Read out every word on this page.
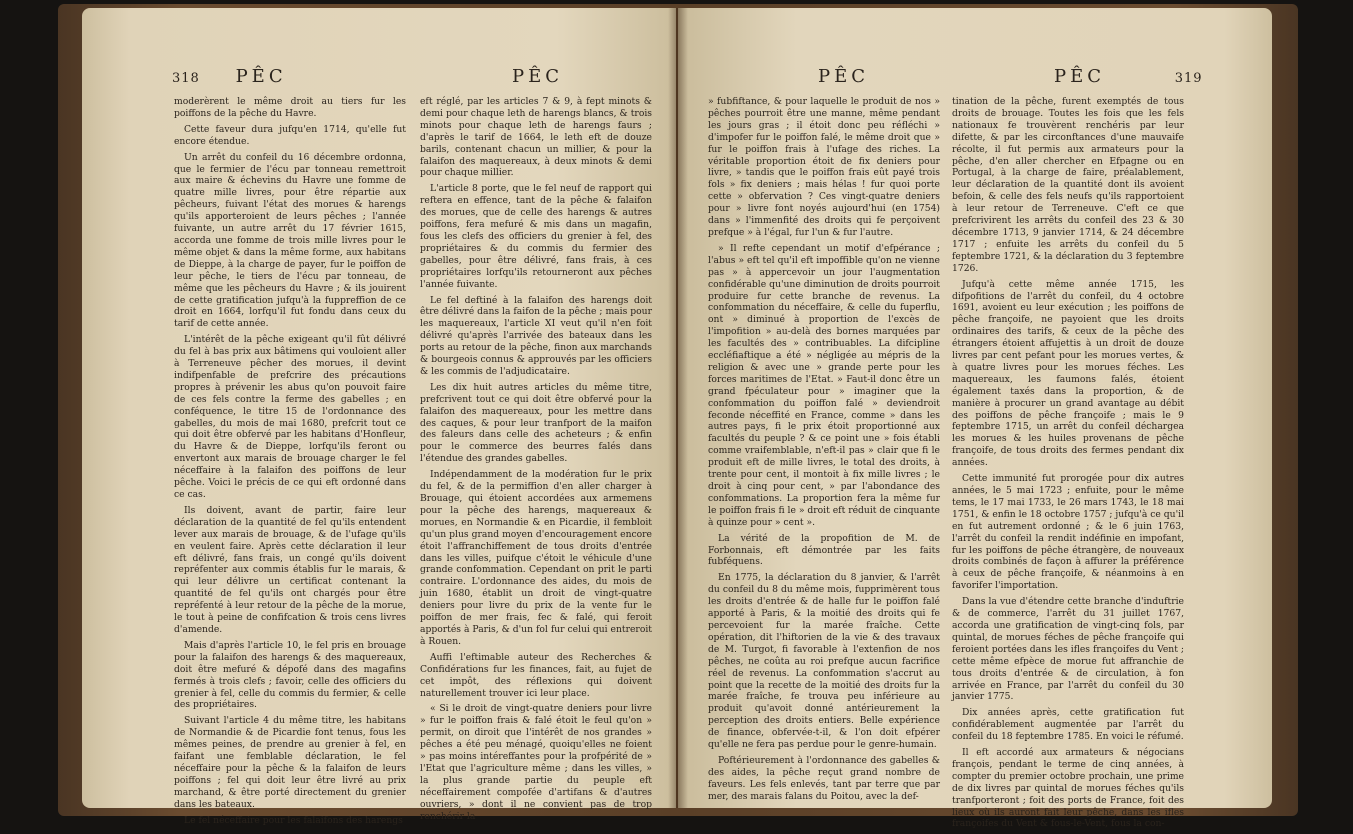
318 PÊC	PÊC

moderèrent le même droit au tiers fur les poiffons de la pêche du Havre.

Cette faveur dura jufqu'en 1714, qu'elle fut encore étendue.

Un arrêt du confeil du 16 décembre ordonna, que le fermier de l'écu par tonneau remettroit aux maire & échevins du Havre une fomme de quatre mille livres, pour être répartie aux pêcheurs, fuivant l'état des morues & harengs qu'ils apporteroient de leurs pêches ; l'année fuivante, un autre arrêt du 17 février 1615, accorda une fomme de trois mille livres pour le même objet & dans la même forme, aux habitans de Dieppe, à la charge de payer, fur le poiffon de leur pêche, le tiers de l'écu par tonneau, de même que les pêcheurs du Havre ; & ils jouirent de cette gratification jufqu'à la fuppreffion de ce droit en 1664, lorfqu'il fut fondu dans ceux du tarif de cette année.

L'intérêt de la pêche exigeant qu'il fût délivré du fel à bas prix aux bâtimens qui vouloient aller à Terreneuve pêcher des morues, il devint indifpenfable de prefcrire des précautions propres à prévenir les abus qu'on pouvoit faire de ces fels contre la ferme des gabelles ; en conféquence, le titre 15 de l'ordonnance des gabelles, du mois de mai 1680, prefcrit tout ce qui doit être obfervé par les habitans d'Honfleur, du Havre & de Dieppe, lorfqu'ils feront ou envertont aux marais de brouage charger le fel néceffaire à la falaifon des poiffons de leur pêche. Voici le précis de ce qui eft ordonné dans ce cas.

Ils doivent, avant de partir, faire leur déclaration de la quantité de fel qu'ils entendent lever aux marais de brouage, & de l'ufage qu'ils en veulent faire. Après cette déclaration il leur eft délivré, fans frais, un congé qu'ils doivent repréfenter aux commis établis fur le marais, & qui leur délivre un certificat contenant la quantité de fel qu'ils ont chargés pour être repréfenté à leur retour de la pêche de la morue, le tout à peine de confifcation & trois cens livres d'amende.

Mais d'après l'article 10, le fel pris en brouage pour la falaifon des harengs & des maquereaux, doit être mefuré & dépofé dans des magafins fermés à trois clefs ; favoir, celle des officiers du grenier à fel, celle du commis du fermier, & celle des propriétaires.

Suivant l'article 4 du même titre, les habitans de Normandie & de Picardie font tenus, fous les mêmes peines, de prendre au grenier à fel, en faifant une femblable déclaration, le fel néceffaire pour la pêche & la falaifon de leurs poiffons ; fel qui doit leur être livré au prix marchand, & être porté directement du grenier dans les bateaux.

Le fel néceffaire pour les falaifons des harengs

eft réglé, par les articles 7 & 9, à fept minots & demi pour chaque leth de harengs blancs, & trois minots pour chaque leth de harengs faurs ; d'après le tarif de 1664, le leth eft de douze barils, contenant chacun un millier, & pour la falaifon des maquereaux, à deux minots & demi pour chaque millier.

L'article 8 porte, que le fel neuf de rapport qui reftera en effence, tant de la pêche & falaifon des morues, que de celle des harengs & autres poiffons, fera mefuré & mis dans un magafin, fous les clefs des officiers du grenier à fel, des propriétaires & du commis du fermier des gabelles, pour être délivré, fans frais, à ces propriétaires lorfqu'ils retourneront aux pêches l'année fuivante.

Le fel deftiné à la falaifon des harengs doit être délivré dans la faifon de la pêche ; mais pour les maquereaux, l'article XI veut qu'il n'en foit délivré qu'après l'arrivée des bateaux dans les ports au retour de la pêche, finon aux marchands & bourgeois connus & approuvés par les officiers & les commis de l'adjudicataire.

Les dix huit autres articles du même titre, prefcrivent tout ce qui doit être obfervé pour la falaifon des maquereaux, pour les mettre dans des caques, & pour leur tranfport de la maifon des faleurs dans celle des acheteurs ; & enfin pour le commerce des beurres falés dans l'étendue des grandes gabelles.

Indépendamment de la modération fur le prix du fel, & de la permiffion d'en aller charger à Brouage, qui étoient accordées aux armemens pour la pêche des harengs, maquereaux & morues, en Normandie & en Picardie, il fembloit qu'un plus grand moyen d'encouragement encore étoit l'affranchiffement de tous droits d'entrée dans les villes, puifque c'étoit le véhicule d'une grande confommation. Cependant on prit le parti contraire. L'ordonnance des aides, du mois de juin 1680, établit un droit de vingt-quatre deniers pour livre du prix de la vente fur le poiffon de mer frais, fec & falé, qui feroit apportés à Paris, & d'un fol fur celui qui entreroit à Rouen.

Auffi l'eftimable auteur des Recherches & Confidérations fur les finances, fait, au fujet de cet impôt, des réflexions qui doivent naturellement trouver ici leur place.

« Si le droit de vingt-quatre deniers pour livre » fur le poiffon frais & falé étoit le feul qu'on » permit, on diroit que l'intérêt de nos grandes » pêches a été peu ménagé, quoiqu'elles ne foient » pas moins intéreffantes pour la profpérité de » l'Etat que l'agriculture même ; dans les villes, » la plus grande partie du peuple eft néceffairement compofée d'artifans & d'autres ouvriers, » dont il ne convient pas de trop renchérir la

PÊC	PÊC	319

» fubfiftance, & pour laquelle le produit de nos » pêches pourroit être une manne, même pendant les jours gras ; il étoit donc peu réfléchi » d'impofer fur le poiffon falé, le même droit que » fur le poiffon frais à l'ufage des riches. La véritable proportion étoit de fix deniers pour livre, » tandis que le poiffon frais eût payé trois fols » fix deniers ; mais hélas ! fur quoi porte cette » obfervation ? Ces vingt-quatre deniers pour » livre font noyés aujourd'hui (en 1754) dans » l'immenfité des droits qui fe perçoivent prefque » à l'égal, fur l'un & fur l'autre.

» Il refte cependant un motif d'efpérance ; l'abus » eft tel qu'il eft impoffible qu'on ne vienne pas » à appercevoir un jour l'augmentation confidérable qu'une diminution de droits pourroit produire fur cette branche de revenus. La confommation du néceffaire, & celle du fuperflu, ont » diminué à proportion de l'excès de l'impofition » au-delà des bornes marquées par les facultés des » contribuables. La difcipline eccléfiaftique a été » négligée au mépris de la religion & avec une » grande perte pour les forces maritimes de l'Etat. » Faut-il donc être un grand fpéculateur pour » imaginer que la confommation du poiffon falé » deviendroit feconde néceffité en France, comme » dans les autres pays, fi le prix étoit proportionné aux facultés du peuple ? & ce point une » fois établi comme vraifemblable, n'eft-il pas » clair que fi le produit eft de mille livres, le total des droits, à trente pour cent, il montoit à fix mille livres ; le droit à cinq pour cent, » par l'abondance des confommations. La proportion fera la même fur le poiffon frais fi le » droit eft réduit de cinquante à quinze pour » cent ».

La vérité de la propofition de M. de Forbonnais, eft démontrée par les faits fubféquens.

En 1775, la déclaration du 8 janvier, & l'arrêt du confeil du 8 du même mois, fupprimèrent tous les droits d'entrée & de halle fur le poiffon falé apporté à Paris, & la moitié des droits qui fe percevoient fur la marée fraîche. Cette opération, dit l'hiftorien de la vie & des travaux de M. Turgot, fi favorable à l'extenfion de nos pêches, ne coûta au roi prefque aucun facrifice réel de revenus. La confommation s'accrut au point que la recette de la moitié des droits fur la marée fraîche, fe trouva peu inférieure au produit qu'avoit donné antérieurement la perception des droits entiers. Belle expérience de finance, obfervée-t-il, & l'on doit efpérer qu'elle ne fera pas perdue pour le genre-humain.

Poftérieurement à l'ordonnance des gabelles & des aides, la pêche reçut grand nombre de faveurs. Les fels enlevés, tant par terre que par mer, des marais falans du Poitou, avec la def-

tination de la pêche, furent exemptés de tous droits de brouage. Toutes les fois que les fels nationaux fe trouvèrent renchéris par leur difette, & par les circonftances d'une mauvaife récolte, il fut permis aux armateurs pour la pêche, d'en aller chercher en Efpagne ou en Portugal, à la charge de faire, préalablement, leur déclaration de la quantité dont ils avoient befoin, & celle des fels neufs qu'ils rapportoient à leur retour de Terreneuve. C'eft ce que prefcrivirent les arrêts du confeil des 23 & 30 décembre 1713, 9 janvier 1714, & 24 décembre 1717 ; enfuite les arrêts du confeil du 5 feptembre 1721, & la déclaration du 3 feptembre 1726.

Jufqu'à cette même année 1715, les difpofitions de l'arrêt du confeil, du 4 octobre 1691, avoient eu leur exécution ; les poiffons de pêche françoife, ne payoient que les droits ordinaires des tarifs, & ceux de la pêche des étrangers étoient affujettis à un droit de douze livres par cent pefant pour les morues vertes, & à quatre livres pour les morues féches. Les maquereaux, les faumons falés, étoient également taxés dans la proportion, & de manière à procurer un grand avantage au débit des poiffons de pêche françoife ; mais le 9 feptembre 1715, un arrêt du confeil déchargea les morues & les huiles provenans de pêche françoife, de tous droits des fermes pendant dix années.

Cette immunité fut prorogée pour dix autres années, le 5 mai 1723 ; enfuite, pour le même tems, le 17 mai 1733, le 26 mars 1743, le 18 mai 1751, & enfin le 18 octobre 1757 ; jufqu'à ce qu'il en fut autrement ordonné ; & le 6 juin 1763, l'arrêt du confeil la rendit indéfinie en impofant, fur les poiffons de pêche étrangère, de nouveaux droits combinés de façon à affurer la préférence à ceux de pêche françoife, & néanmoins à en favorifer l'importation.

Dans la vue d'étendre cette branche d'induftrie & de commerce, l'arrêt du 31 juillet 1767, accorda une gratification de vingt-cinq fols, par quintal, de morues féches de pêche françoife qui feroient portées dans les ifles françoifes du Vent ; cette même efpèce de morue fut affranchie de tous droits d'entrée & de circulation, à fon arrivée en France, par l'arrêt du confeil du 30 janvier 1775.

Dix années après, cette gratification fut confidérablement augmentée par l'arrêt du confeil du 18 feptembre 1785. En voici le réfumé.

Il eft accordé aux armateurs & négocians françois, pendant le terme de cinq années, à compter du premier octobre prochain, une prime de dix livres par quintal de morues féches qu'ils tranfporteront ; foit des ports de France, foit des lieux où ils auront fait leur pêche, dans les ifles françoifes du Vent & fous-le-Vent, fous la con-
